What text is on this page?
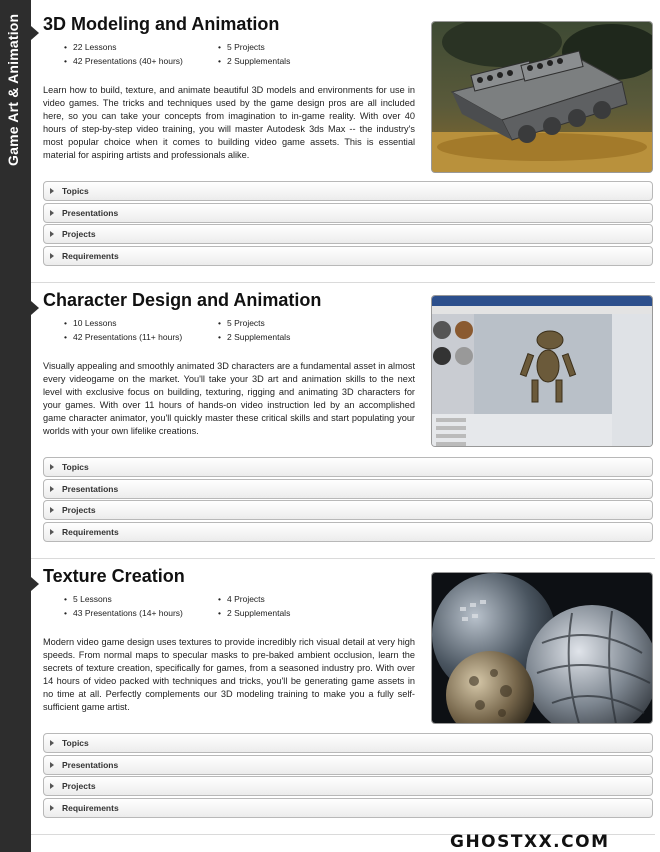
Game Art & Animation 3D Modeling and Animation
• 22 Lessons	• 5 Projects
• 42 Presentations (40+ hours)	• 2 Supplementals
Learn how to build, texture, and animate beautiful 3D models and environments for use in video games. The tricks and techniques used by the game design pros are all included here, so you can take your concepts from imagination to in-game reality. With over 40 hours of step-by-step video training, you will master Autodesk 3ds Max -- the industry's most popular choice when it comes to building video game assets. This is essential material for aspiring artists and professionals alike.
Topics
Presentations
Projects
Requirements
Character Design and Animation
• 10 Lessons	• 5 Projects
• 42 Presentations (11+ hours)	• 2 Supplementals
Visually appealing and smoothly animated 3D characters are a fundamental asset in almost every videogame on the market. You'll take your 3D art and animation skills to the next level with exclusive focus on building, texturing, rigging and animating 3D characters for your games. With over 11 hours of hands-on video instruction led by an accomplished game character animator, you'll quickly master these critical skills and start populating your worlds with your own lifelike creations.
Topics
Presentations
Projects
Requirements
Texture Creation
• 5 Lessons	• 4 Projects
• 43 Presentations (14+ hours)	• 2 Supplementals
Modern video game design uses textures to provide incredibly rich visual detail at very high speeds. From normal maps to specular masks to pre-baked ambient occlusion, learn the secrets of texture creation, specifically for games, from a seasoned industry pro. With over 14 hours of video packed with techniques and tricks, you'll be generating game assets in no time at all. Perfectly complements our 3D modeling training to make you a fully self-sufficient game artist.
Topics
Presentations
Projects
Requirements
GHOSTXX.COM
